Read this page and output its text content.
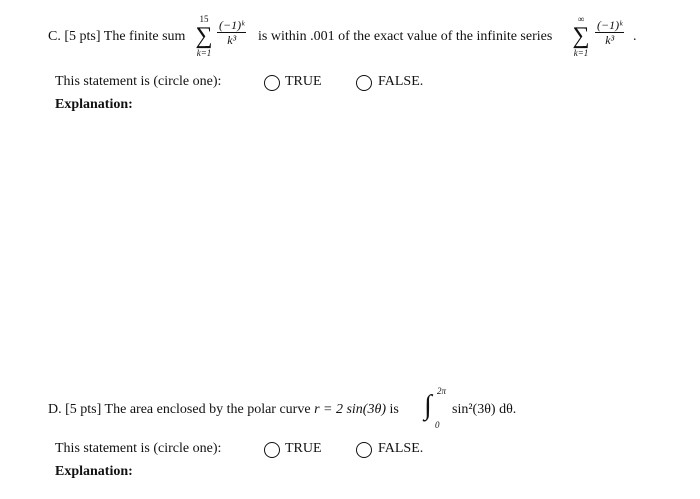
C. [5 pts] The finite sum
15
∑
k=1
$\frac{\text{(−1)ᵏ}}{\text{k³}}$ is within .001 of the exact value of the infinite series
∞
∑
k=1
$\frac{\text{(−1)ᵏ}}{\text{k³}}$ .
This statement is (circle one):	TRUE	FALSE.
Explanation:
D. [5 pts] The area enclosed by the polar curve r = 2 sin(3θ) is
2π
∫
0
sin²(3θ) dθ.
This statement is (circle one):	TRUE	FALSE.
Explanation:
